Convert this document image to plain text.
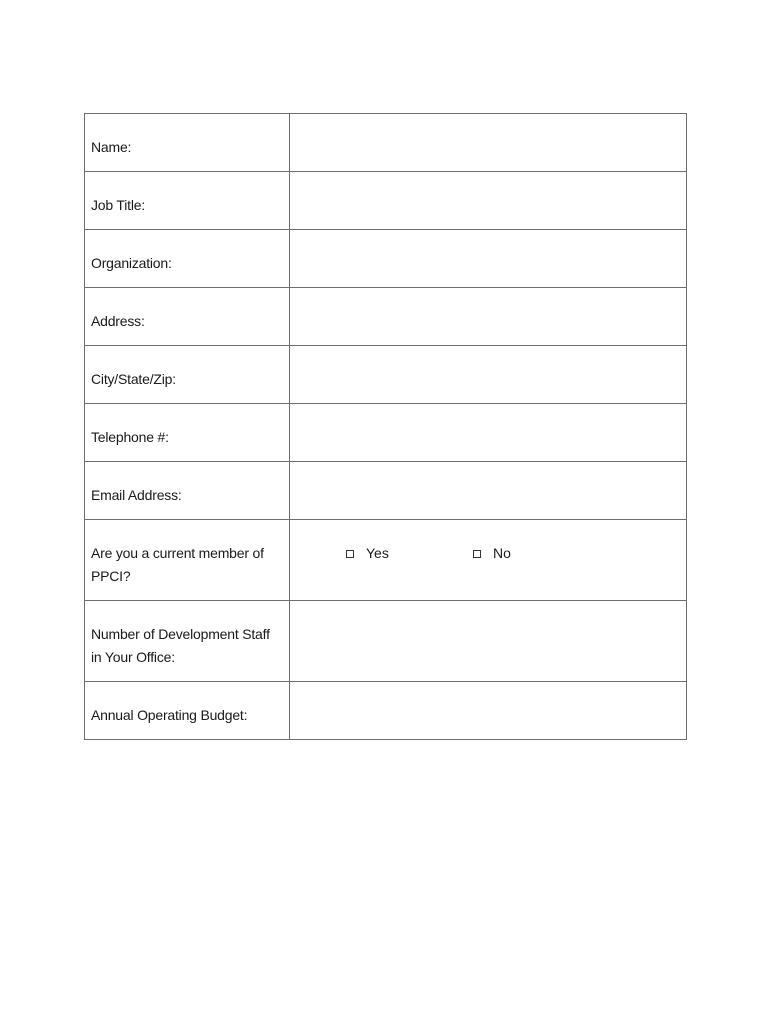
Name:	

Job Title:	

Organization:	

Address:	

City/State/Zip:	

Telephone #:	

Email Address:	

Are you a current member of PPCI?	Yes No

Number of Development Staff in Your Office:	

Annual Operating Budget:	
